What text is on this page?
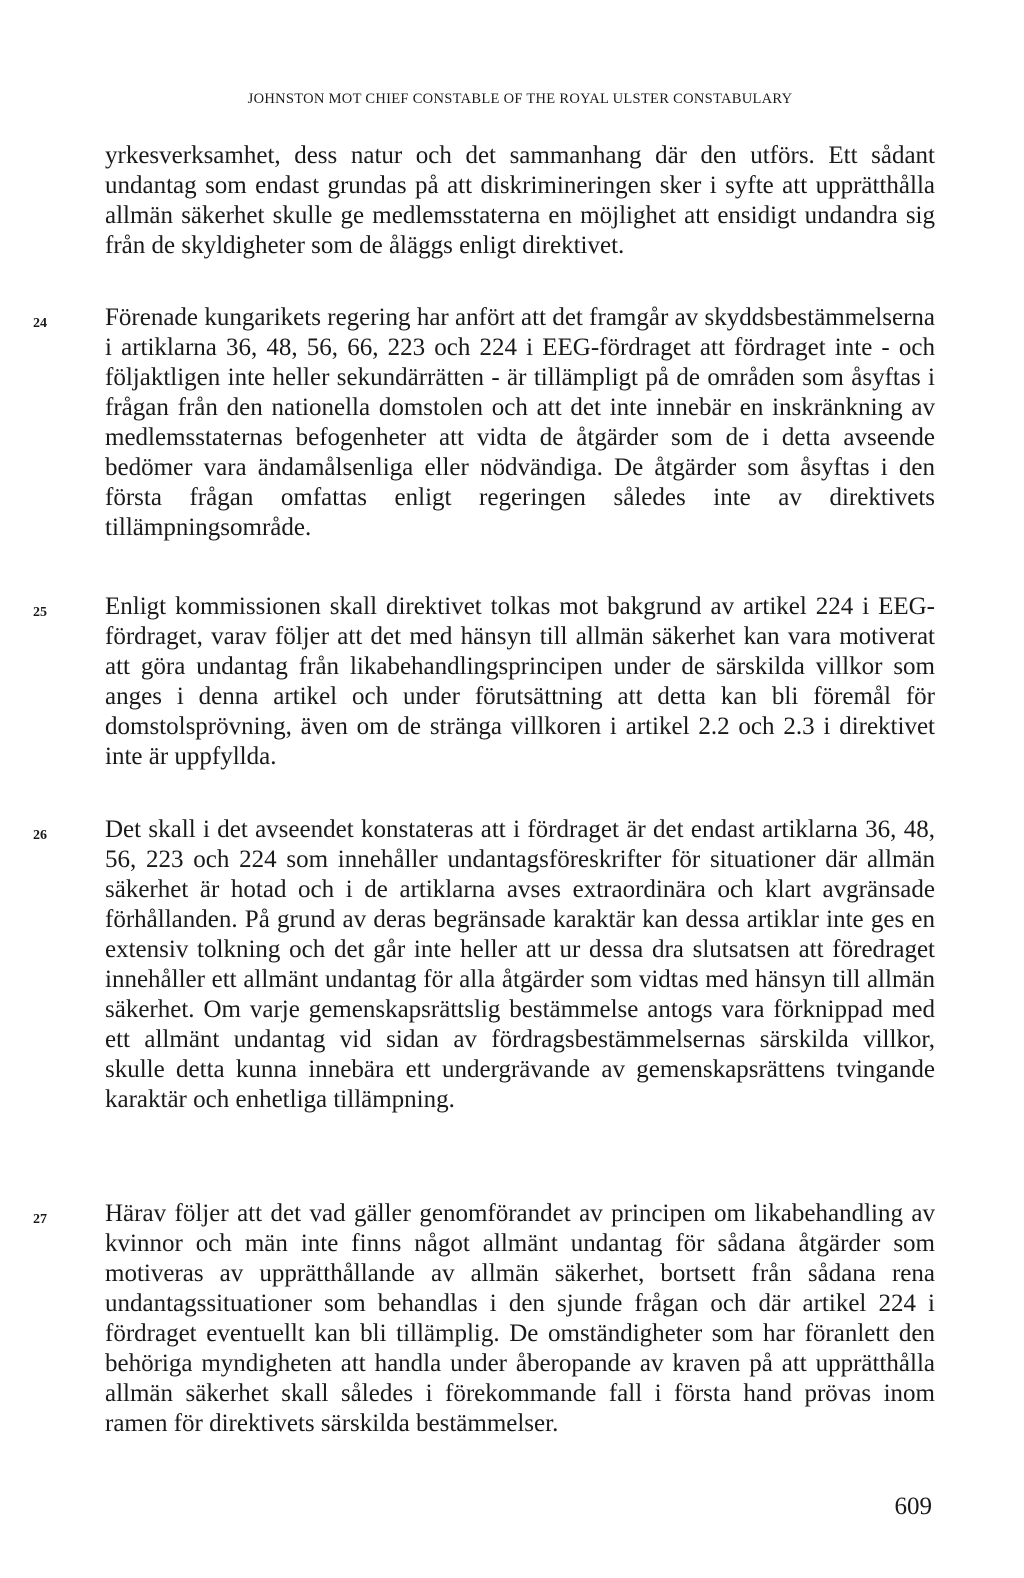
JOHNSTON MOT CHIEF CONSTABLE OF THE ROYAL ULSTER CONSTABULARY
yrkesverksamhet, dess natur och det sammanhang där den utförs. Ett sådant undantag som endast grundas på att diskrimineringen sker i syfte att upprätthålla allmän säkerhet skulle ge medlemsstaterna en möjlighet att ensidigt undandra sig från de skyldigheter som de åläggs enligt direktivet.
24 Förenade kungarikets regering har anfört att det framgår av skyddsbestämmelserna i artiklarna 36, 48, 56, 66, 223 och 224 i EEG-fördraget att fördraget inte - och följaktligen inte heller sekundärrätten - är tillämpligt på de områden som åsyftas i frågan från den nationella domstolen och att det inte innebär en inskränkning av medlemsstaternas befogenheter att vidta de åtgärder som de i detta avseende bedömer vara ändamålsenliga eller nödvändiga. De åtgärder som åsyftas i den första frågan omfattas enligt regeringen således inte av direktivets tillämpningsområde.
25 Enligt kommissionen skall direktivet tolkas mot bakgrund av artikel 224 i EEG-fördraget, varav följer att det med hänsyn till allmän säkerhet kan vara motiverat att göra undantag från likabehandlingsprincipen under de särskilda villkor som anges i denna artikel och under förutsättning att detta kan bli föremål för domstolsprövning, även om de stränga villkoren i artikel 2.2 och 2.3 i direktivet inte är uppfyllda.
26 Det skall i det avseendet konstateras att i fördraget är det endast artiklarna 36, 48, 56, 223 och 224 som innehåller undantagsföreskrifter för situationer där allmän säkerhet är hotad och i de artiklarna avses extraordinära och klart avgränsade förhållanden. På grund av deras begränsade karaktär kan dessa artiklar inte ges en extensiv tolkning och det går inte heller att ur dessa dra slutsatsen att föredraget innehåller ett allmänt undantag för alla åtgärder som vidtas med hänsyn till allmän säkerhet. Om varje gemenskapsrättslig bestämmelse antogs vara förknippad med ett allmänt undantag vid sidan av fördragsbestämmelsernas särskilda villkor, skulle detta kunna innebära ett undergrävande av gemenskapsrättens tvingande karaktär och enhetliga tillämpning.
27 Härav följer att det vad gäller genomförandet av principen om likabehandling av kvinnor och män inte finns något allmänt undantag för sådana åtgärder som motiveras av upprätthållande av allmän säkerhet, bortsett från sådana rena undantagssituationer som behandlas i den sjunde frågan och där artikel 224 i fördraget eventuellt kan bli tillämplig. De omständigheter som har föranlett den behöriga myndigheten att handla under åberopande av kraven på att upprätthålla allmän säkerhet skall således i förekommande fall i första hand prövas inom ramen för direktivets särskilda bestämmelser.
609
